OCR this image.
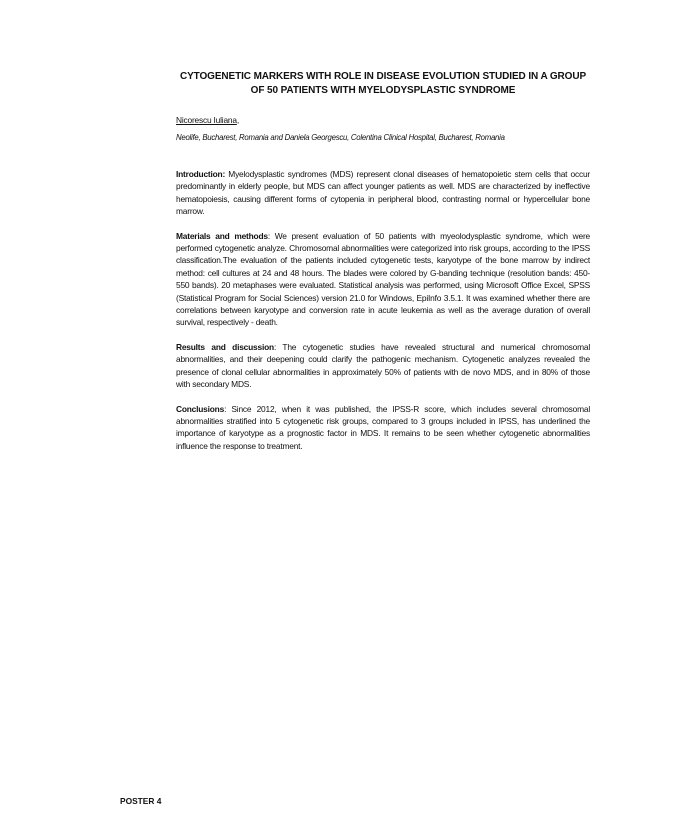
CYTOGENETIC MARKERS WITH ROLE IN DISEASE EVOLUTION STUDIED IN A GROUP
OF 50 PATIENTS WITH MYELODYSPLASTIC SYNDROME

Nicorescu Iuliana,
Neolife, Bucharest, Romania and Daniela Georgescu, Colentina Clinical Hospital, Bucharest, Romania
Introduction: Myelodysplastic syndromes (MDS) represent clonal diseases of hematopoietic stem cells that occur predominantly in elderly people, but MDS can affect younger patients as well. MDS are characterized by ineffective hematopoiesis, causing different forms of cytopenia in peripheral blood, contrasting normal or hypercellular bone marrow.
Materials and methods: We present evaluation of 50 patients with myeolodysplastic syndrome, which were performed cytogenetic analyze. Chromosomal abnormalities were categorized into risk groups, according to the IPSS classification.The evaluation of the patients included cytogenetic tests, karyotype of the bone marrow by indirect method: cell cultures at 24 and 48 hours. The blades were colored by G-banding technique (resolution bands: 450-550 bands). 20 metaphases were evaluated. Statistical analysis was performed, using Microsoft Office Excel, SPSS (Statistical Program for Social Sciences) version 21.0 for Windows, EpiInfo 3.5.1. It was examined whether there are correlations between karyotype and conversion rate in acute leukemia as well as the average duration of overall survival, respectively - death.
Results and discussion: The cytogenetic studies have revealed structural and numerical chromosomal abnormalities, and their deepening could clarify the pathogenic mechanism. Cytogenetic analyzes revealed the presence of clonal cellular abnormalities in approximately 50% of patients with de novo MDS, and in 80% of those with secondary MDS.
Conclusions: Since 2012, when it was published, the IPSS-R score, which includes several chromosomal abnormalities stratified into 5 cytogenetic risk groups, compared to 3 groups included in IPSS, has underlined the importance of karyotype as a prognostic factor in MDS. It remains to be seen whether cytogenetic abnormalities influence the response to treatment.
POSTER 4
